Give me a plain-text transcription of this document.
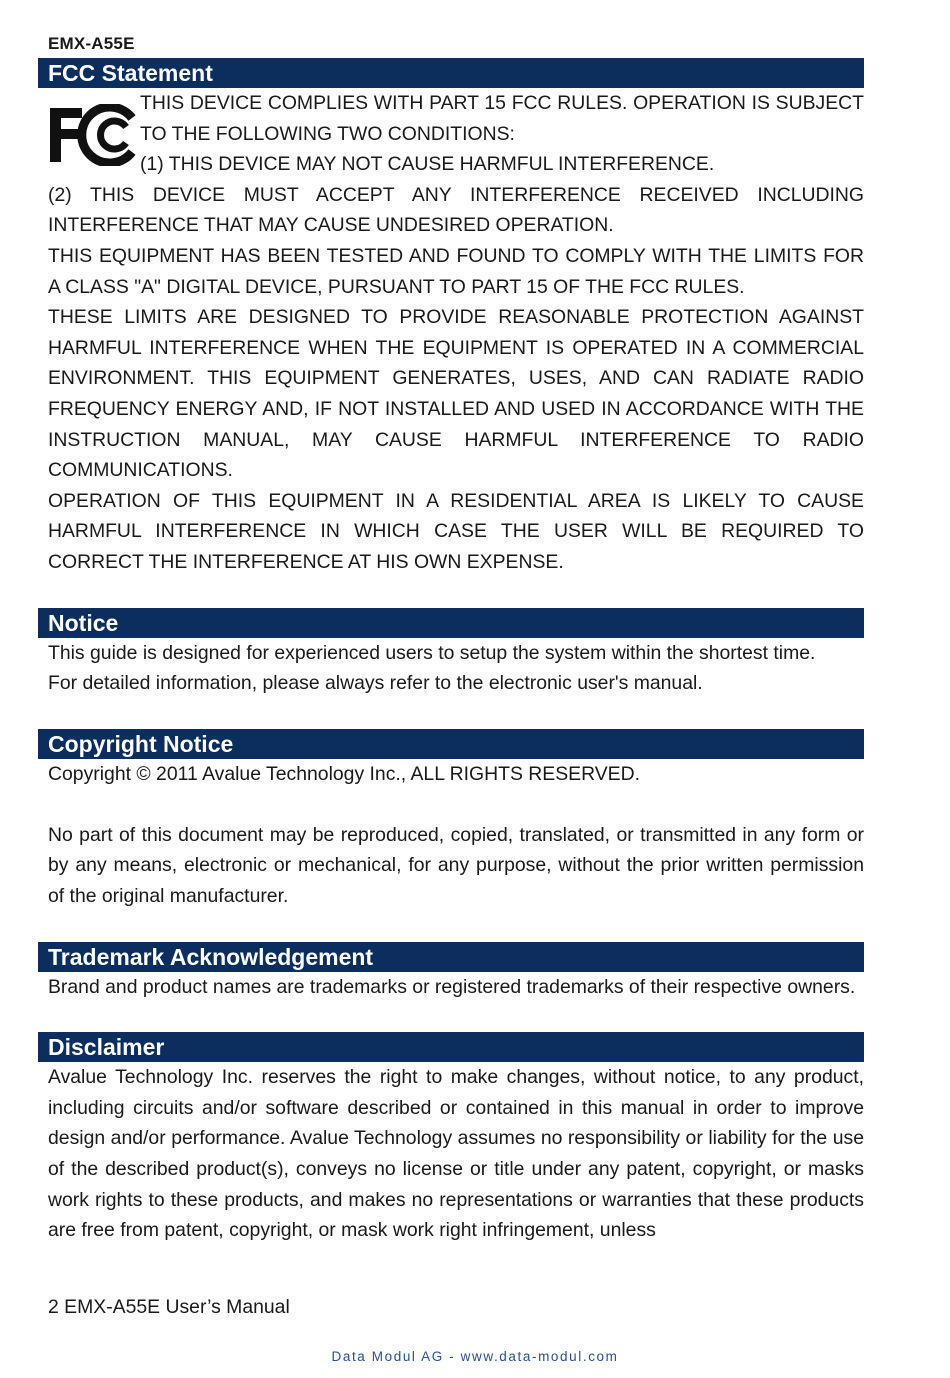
EMX-A55E
FCC Statement

THIS DEVICE COMPLIES WITH PART 15 FCC RULES. OPERATION IS SUBJECT TO THE FOLLOWING TWO CONDITIONS:

(1) THIS DEVICE MAY NOT CAUSE HARMFUL INTERFERENCE.

(2) THIS DEVICE MUST ACCEPT ANY INTERFERENCE RECEIVED INCLUDING INTERFERENCE THAT MAY CAUSE UNDESIRED OPERATION.

THIS EQUIPMENT HAS BEEN TESTED AND FOUND TO COMPLY WITH THE LIMITS FOR A CLASS "A" DIGITAL DEVICE, PURSUANT TO PART 15 OF THE FCC RULES.

THESE LIMITS ARE DESIGNED TO PROVIDE REASONABLE PROTECTION AGAINST HARMFUL INTERFERENCE WHEN THE EQUIPMENT IS OPERATED IN A COMMERCIAL ENVIRONMENT. THIS EQUIPMENT GENERATES, USES, AND CAN RADIATE RADIO FREQUENCY ENERGY AND, IF NOT INSTALLED AND USED IN ACCORDANCE WITH THE INSTRUCTION MANUAL, MAY CAUSE HARMFUL INTERFERENCE TO RADIO COMMUNICATIONS.

OPERATION OF THIS EQUIPMENT IN A RESIDENTIAL AREA IS LIKELY TO CAUSE HARMFUL INTERFERENCE IN WHICH CASE THE USER WILL BE REQUIRED TO CORRECT THE INTERFERENCE AT HIS OWN EXPENSE.

Notice

This guide is designed for experienced users to setup the system within the shortest time.

For detailed information, please always refer to the electronic user's manual.

Copyright Notice

Copyright © 2011 Avalue Technology Inc., ALL RIGHTS RESERVED.

No part of this document may be reproduced, copied, translated, or transmitted in any form or by any means, electronic or mechanical, for any purpose, without the prior written permission of the original manufacturer.

Trademark Acknowledgement

Brand and product names are trademarks or registered trademarks of their respective owners.

Disclaimer

Avalue Technology Inc. reserves the right to make changes, without notice, to any product, including circuits and/or software described or contained in this manual in order to improve design and/or performance. Avalue Technology assumes no responsibility or liability for the use of the described product(s), conveys no license or title under any patent, copyright, or masks work rights to these products, and makes no representations or warranties that these products are free from patent, copyright, or mask work right infringement, unless

2 EMX-A55E User’s Manual
Data Modul AG - www.data-modul.com
